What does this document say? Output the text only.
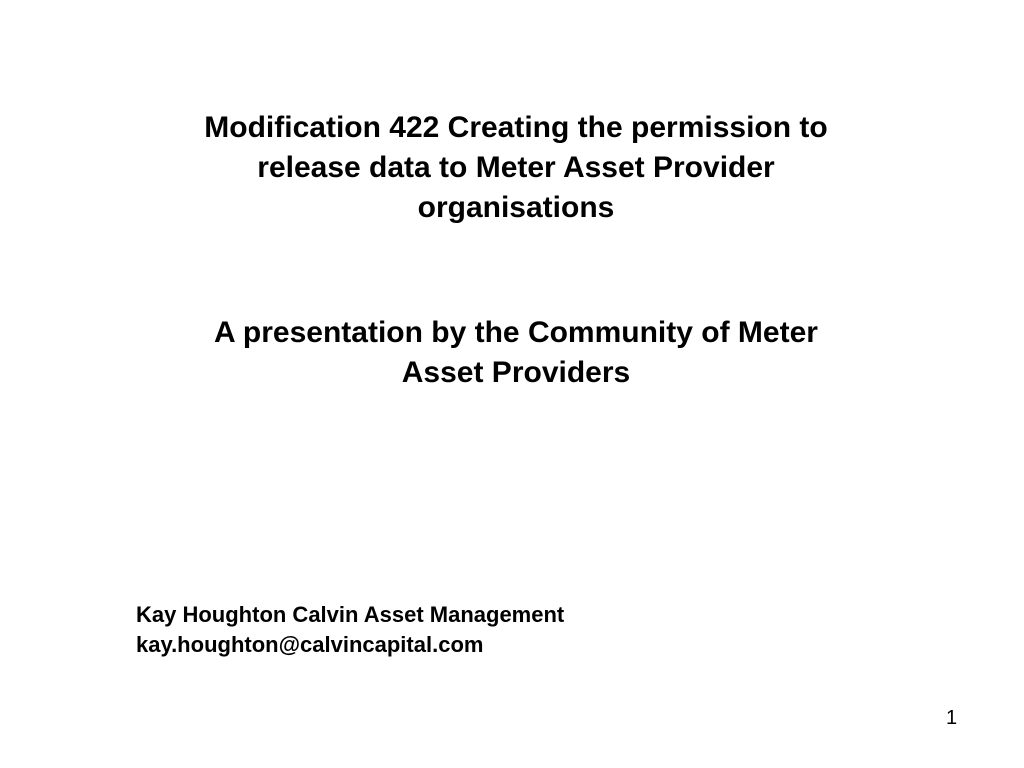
Modification 422 Creating the permission to
release data to Meter Asset Provider
organisations
A presentation by the Community of Meter
Asset Providers
Kay Houghton Calvin Asset Management
kay.houghton@calvincapital.com
1
